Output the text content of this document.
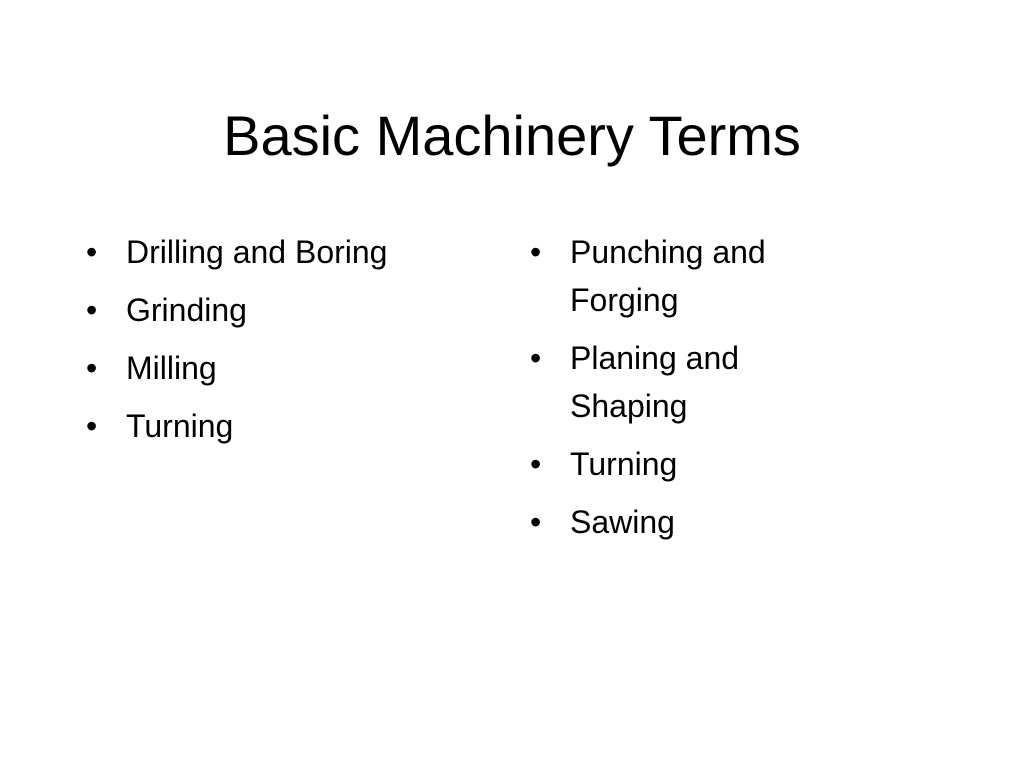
Basic Machinery Terms
• Drilling and Boring
• Grinding
• Milling
• Turning
• Punching and Forging
• Planing and Shaping
• Turning
• Sawing
